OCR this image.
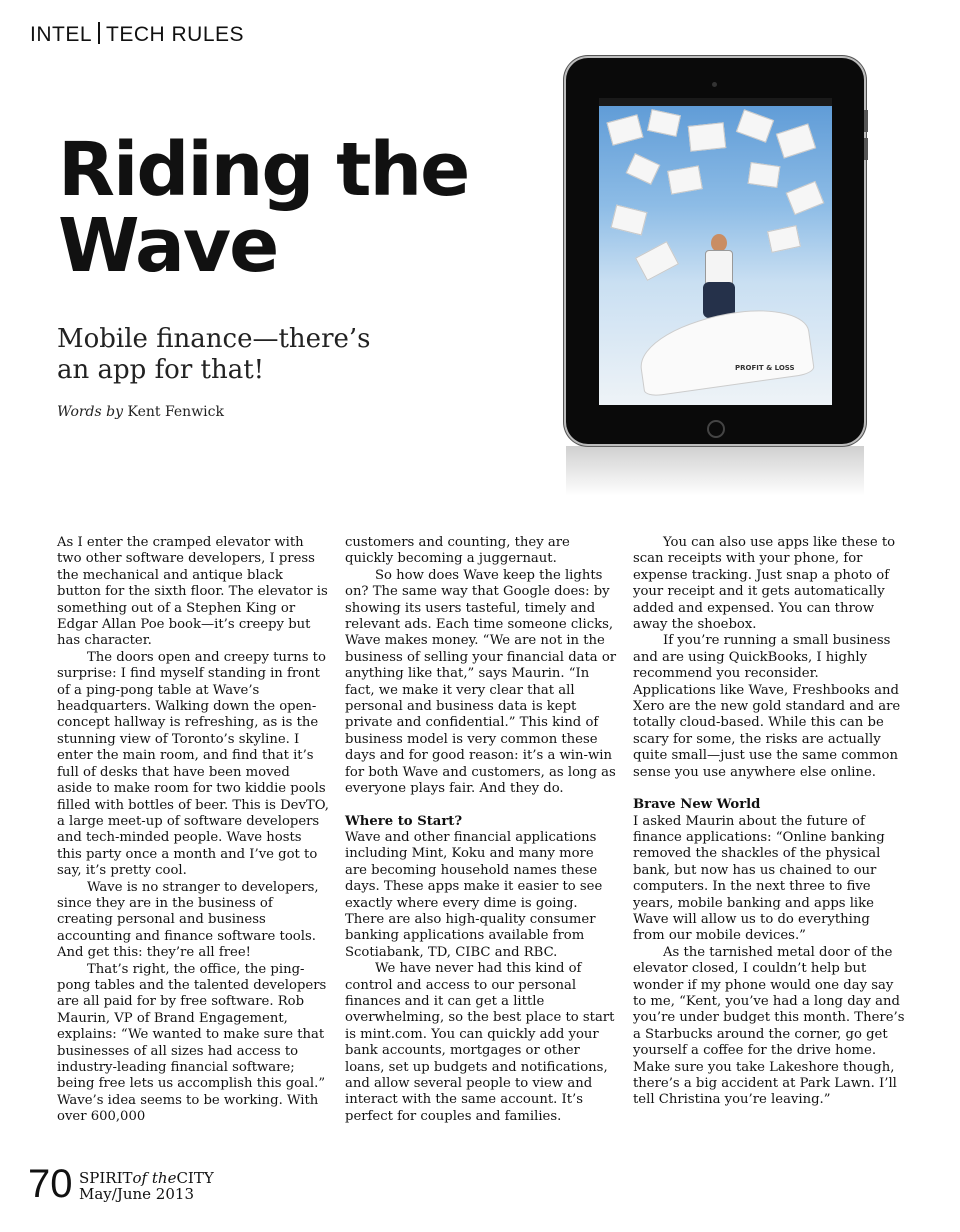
INTEL TECH RULES
Riding the
Wave

Mobile finance—there’s
an app for that!

Words by Kent Fenwick
PROFIT & LOSS

As I enter the cramped elevator with two other software developers, I press the mechanical and antique black button for the sixth floor. The elevator is something out of a Stephen King or Edgar Allan Poe book—it’s creepy but has character.

The doors open and creepy turns to surprise: I find myself standing in front of a ping-pong table at Wave’s headquarters. Walking down the open-concept hallway is refreshing, as is the stunning view of Toronto’s skyline. I enter the main room, and find that it’s full of desks that have been moved aside to make room for two kiddie pools filled with bottles of beer. This is DevTO, a large meet-up of software developers and tech-minded people. Wave hosts this party once a month and I’ve got to say, it’s pretty cool.

Wave is no stranger to developers, since they are in the business of creating personal and business accounting and finance software tools. And get this: they’re all free!

That’s right, the office, the ping-pong tables and the talented developers are all paid for by free software. Rob Maurin, VP of Brand Engagement, explains: “We wanted to make sure that businesses of all sizes had access to industry-leading financial software; being free lets us accomplish this goal.” Wave’s idea seems to be working. With over 600,000

customers and counting, they are quickly becoming a juggernaut.

So how does Wave keep the lights on? The same way that Google does: by showing its users tasteful, timely and relevant ads. Each time someone clicks, Wave makes money. “We are not in the business of selling your financial data or anything like that,” says Maurin. “In fact, we make it very clear that all personal and business data is kept private and confidential.” This kind of business model is very common these days and for good reason: it’s a win-win for both Wave and customers, as long as everyone plays fair. And they do.

Where to Start?

Wave and other financial applications including Mint, Koku and many more are becoming household names these days. These apps make it easier to see exactly where every dime is going. There are also high-quality consumer banking applications available from Scotiabank, TD, CIBC and RBC.

We have never had this kind of control and access to our personal finances and it can get a little overwhelming, so the best place to start is mint.com. You can quickly add your bank accounts, mortgages or other loans, set up budgets and notifications, and allow several people to view and interact with the same account. It’s perfect for couples and families.

You can also use apps like these to scan receipts with your phone, for expense tracking. Just snap a photo of your receipt and it gets automatically added and expensed. You can throw away the shoebox.

If you’re running a small business and are using QuickBooks, I highly recommend you reconsider. Applications like Wave, Freshbooks and Xero are the new gold standard and are totally cloud-based. While this can be scary for some, the risks are actually quite small—just use the same common sense you use anywhere else online.

Brave New World

I asked Maurin about the future of finance applications: “Online banking removed the shackles of the physical bank, but now has us chained to our computers. In the next three to five years, mobile banking and apps like Wave will allow us to do everything from our mobile devices.”

As the tarnished metal door of the elevator closed, I couldn’t help but wonder if my phone would one day say to me, “Kent, you’ve had a long day and you’re under budget this month. There’s a Starbucks around the corner, go get yourself a coffee for the drive home. Make sure you take Lakeshore though, there’s a big accident at Park Lawn. I’ll tell Christina you’re leaving.”

70 SPIRITof theCITY
May/June 2013
